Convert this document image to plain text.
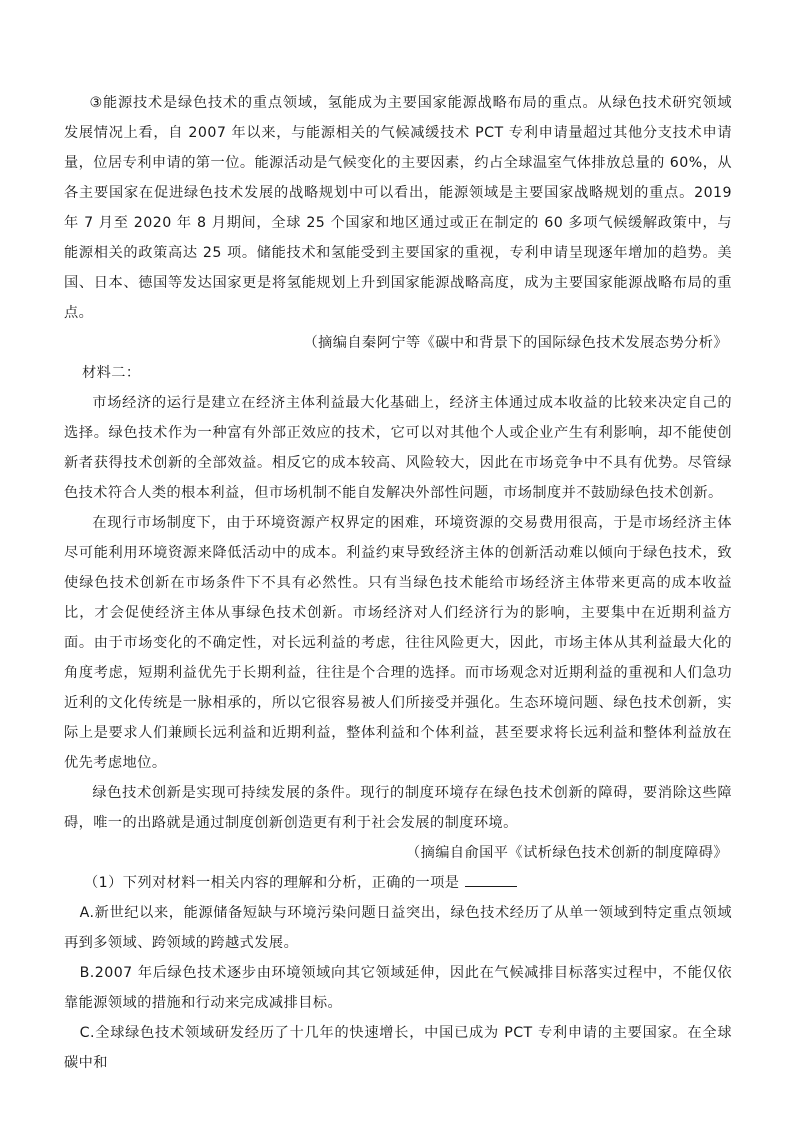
③能源技术是绿色技术的重点领域，氢能成为主要国家能源战略布局的重点。从绿色技术研究领域发展情况上看，自 2007 年以来，与能源相关的气候减缓技术 PCT 专利申请量超过其他分支技术申请量，位居专利申请的第一位。能源活动是气候变化的主要因素，约占全球温室气体排放总量的 60%，从各主要国家在促进绿色技术发展的战略规划中可以看出，能源领域是主要国家战略规划的重点。2019 年 7 月至 2020 年 8 月期间，全球 25 个国家和地区通过或正在制定的 60 多项气候缓解政策中，与能源相关的政策高达 25 项。储能技术和氢能受到主要国家的重视，专利申请呈现逐年增加的趋势。美国、日本、德国等发达国家更是将氢能规划上升到国家能源战略高度，成为主要国家能源战略布局的重点。

（摘编自秦阿宁等《碳中和背景下的国际绿色技术发展态势分析》

材料二：

市场经济的运行是建立在经济主体利益最大化基础上，经济主体通过成本收益的比较来决定自己的选择。绿色技术作为一种富有外部正效应的技术，它可以对其他个人或企业产生有利影响，却不能使创新者获得技术创新的全部效益。相反它的成本较高、风险较大，因此在市场竞争中不具有优势。尽管绿色技术符合人类的根本利益，但市场机制不能自发解决外部性问题，市场制度并不鼓励绿色技术创新。

在现行市场制度下，由于环境资源产权界定的困难，环境资源的交易费用很高，于是市场经济主体尽可能利用环境资源来降低活动中的成本。利益约束导致经济主体的创新活动难以倾向于绿色技术，致使绿色技术创新在市场条件下不具有必然性。只有当绿色技术能给市场经济主体带来更高的成本收益比，才会促使经济主体从事绿色技术创新。市场经济对人们经济行为的影响，主要集中在近期利益方面。由于市场变化的不确定性，对长远利益的考虑，往往风险更大，因此，市场主体从其利益最大化的角度考虑，短期利益优先于长期利益，往往是个合理的选择。而市场观念对近期利益的重视和人们急功近利的文化传统是一脉相承的，所以它很容易被人们所接受并强化。生态环境问题、绿色技术创新，实际上是要求人们兼顾长远利益和近期利益，整体利益和个体利益，甚至要求将长远利益和整体利益放在优先考虑地位。

绿色技术创新是实现可持续发展的条件。现行的制度环境存在绿色技术创新的障碍，要消除这些障碍，唯一的出路就是通过制度创新创造更有利于社会发展的制度环境。

（摘编自俞国平《试析绿色技术创新的制度障碍》

（1）下列对材料一相关内容的理解和分析，正确的一项是

A.新世纪以来，能源储备短缺与环境污染问题日益突出，绿色技术经历了从单一领域到特定重点领域再到多领域、跨领域的跨越式发展。

B.2007 年后绿色技术逐步由环境领域向其它领域延伸，因此在气候减排目标落实过程中，不能仅依靠能源领域的措施和行动来完成减排目标。

C.全球绿色技术领域研发经历了十几年的快速增长，中国已成为 PCT 专利申请的主要国家。在全球碳中和
